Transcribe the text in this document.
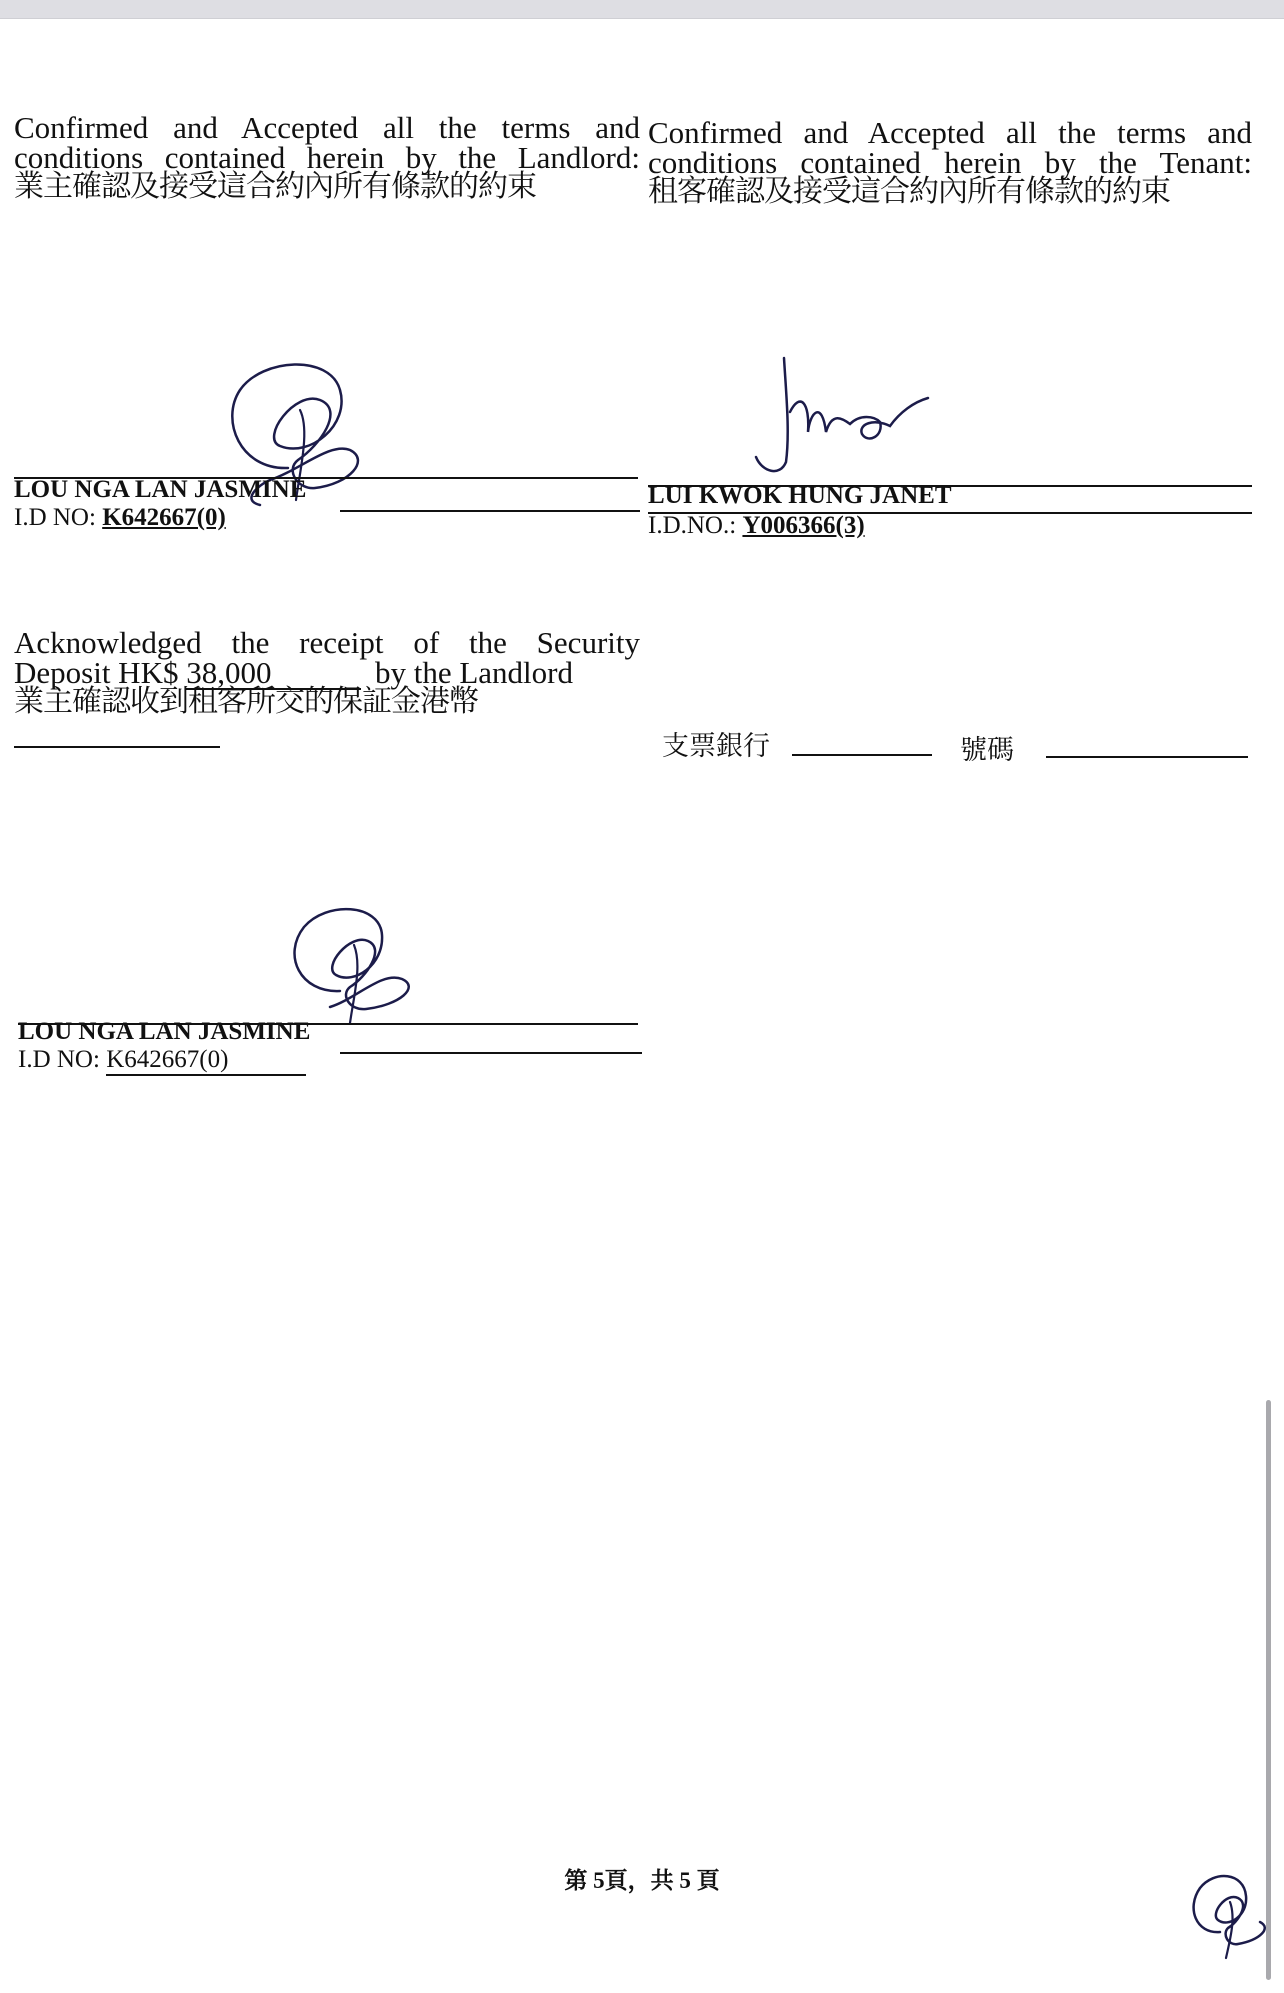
Confirmed and Accepted all the terms and

conditions contained herein by the Landlord:

業主確認及接受這合約內所有條款的約束

Confirmed and Accepted all the terms and

conditions contained herein by the Tenant:

租客確認及接受這合約內所有條款的約束

LOU NGA LAN JASMINE
I.D NO: K642667(0)
LUI KWOK HUNG JANET
I.D.NO.: Y006366(3)

Acknowledged the receipt of the Security

Deposit HK$ 38,000	by the Landlord

業主確認收到租客所交的保証金港幣

支票銀行	號碼
LOU NGA LAN JASMINE
I.D NO: K642667(0)
第 5頁，共 5 頁
